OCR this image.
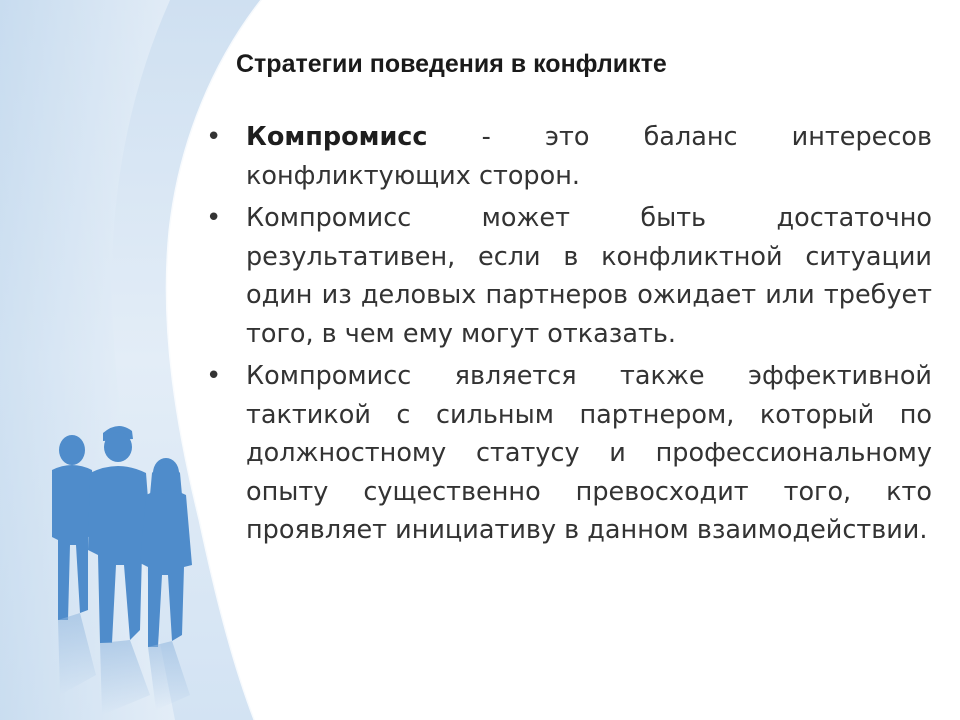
Стратегии поведения в конфликте
• Компромисс - это баланс интересов конфликтующих сторон.
• Компромисс может быть достаточно результативен, если в конфликтной ситуации один из деловых партнеров ожидает или требует того, в чем ему могут отказать.
• Компромисс является также эффективной тактикой с сильным партнером, который по должностному статусу и профессиональному опыту существенно превосходит того, кто проявляет инициативу в данном взаимодействии.
